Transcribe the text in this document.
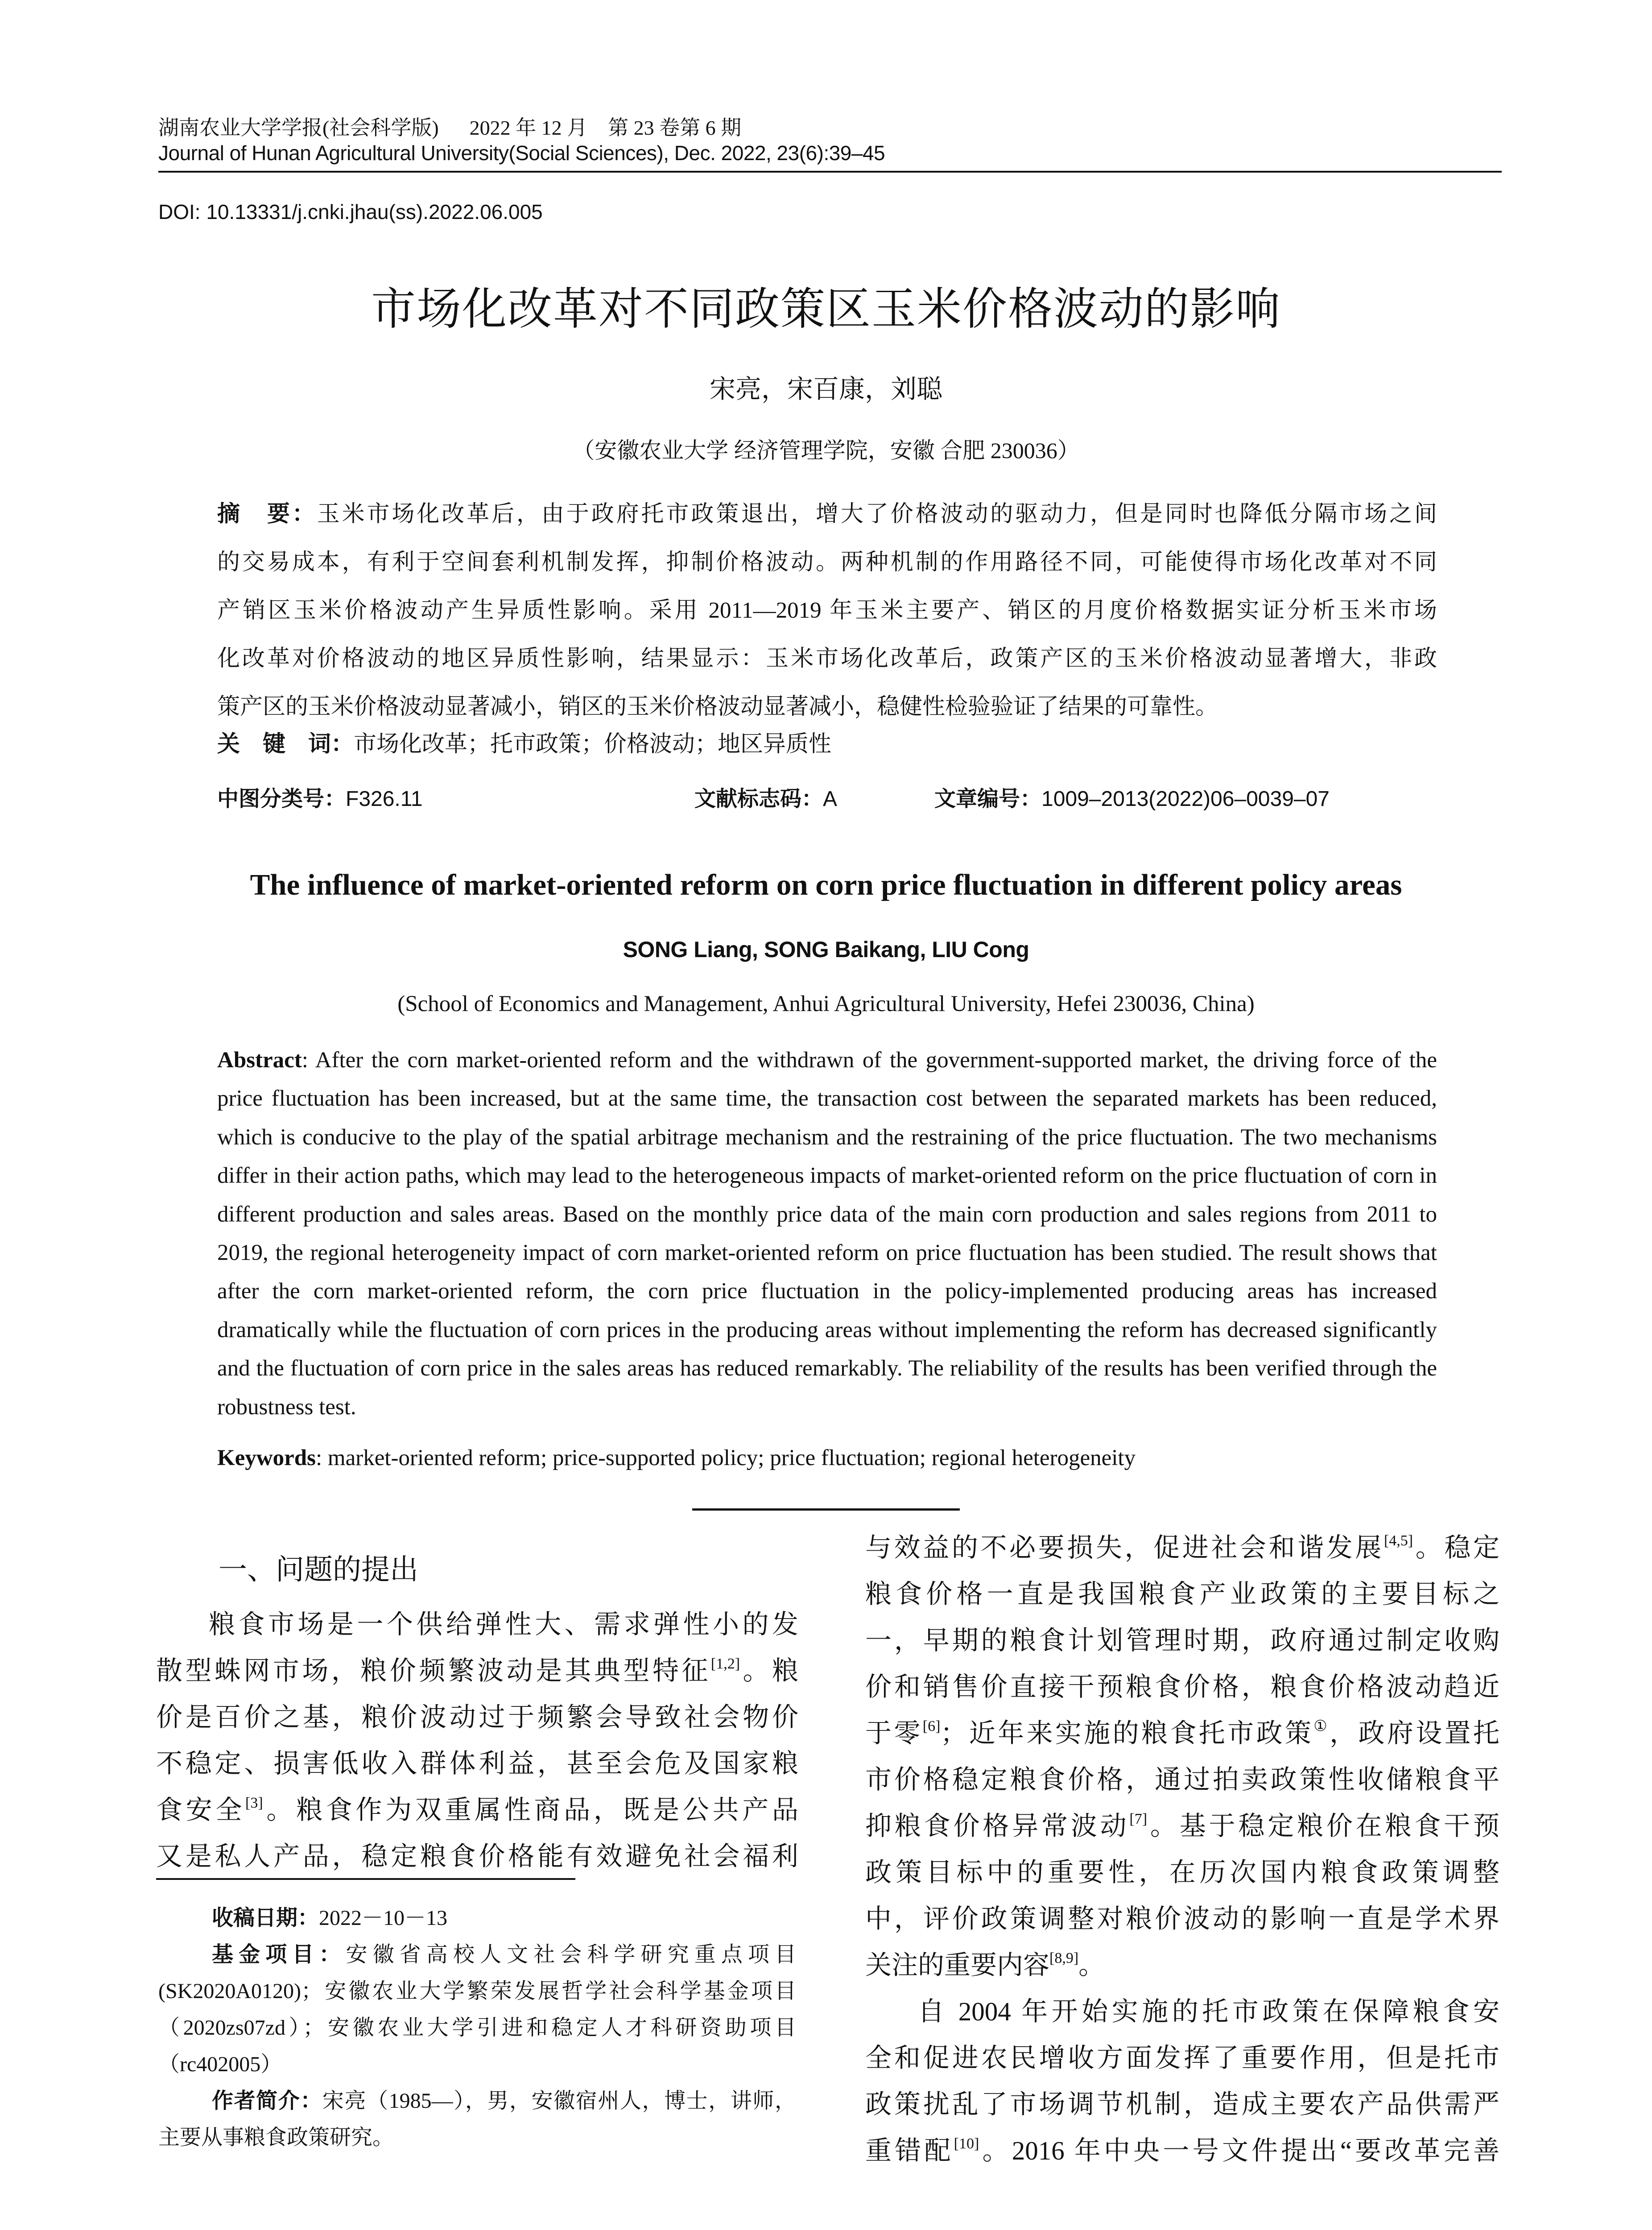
湖南农业大学学报(社会科学版) 2022 年 12 月　第 23 卷第 6 期
Journal of Hunan Agricultural University(Social Sciences), Dec. 2022, 23(6):39–45
DOI: 10.13331/j.cnki.jhau(ss).2022.06.005
市场化改革对不同政策区玉米价格波动的影响
宋亮，宋百康，刘聪
（安徽农业大学 经济管理学院，安徽 合肥 230036）
摘　要：玉米市场化改革后，由于政府托市政策退出，增大了价格波动的驱动力，但是同时也降低分隔市场之间
的交易成本，有利于空间套利机制发挥，抑制价格波动。两种机制的作用路径不同，可能使得市场化改革对不同
产销区玉米价格波动产生异质性影响。采用 2011—2019 年玉米主要产、销区的月度价格数据实证分析玉米市场
化改革对价格波动的地区异质性影响，结果显示：玉米市场化改革后，政策产区的玉米价格波动显著增大，非政
策产区的玉米价格波动显著减小，销区的玉米价格波动显著减小，稳健性检验验证了结果的可靠性。
关　键　词：市场化改革；托市政策；价格波动；地区异质性
中图分类号：F326.11	文献标志码：A	文章编号：1009–2013(2022)06–0039–07
The influence of market-oriented reform on corn price fluctuation in different policy areas
SONG Liang, SONG Baikang, LIU Cong
(School of Economics and Management, Anhui Agricultural University, Hefei 230036, China)
Abstract: After the corn market-oriented reform and the withdrawn of the government-supported market, the driving force of the price fluctuation has been increased, but at the same time, the transaction cost between the separated markets has been reduced, which is conducive to the play of the spatial arbitrage mechanism and the restraining of the price fluctuation. The two mechanisms differ in their action paths, which may lead to the heterogeneous impacts of market-oriented reform on the price fluctuation of corn in different production and sales areas. Based on the monthly price data of the main corn production and sales regions from 2011 to 2019, the regional heterogeneity impact of corn market-oriented reform on price fluctuation has been studied. The result shows that after the corn market-oriented reform, the corn price fluctuation in the policy-implemented producing areas has increased dramatically while the fluctuation of corn prices in the producing areas without implementing the reform has decreased significantly and the fluctuation of corn price in the sales areas has reduced remarkably. The reliability of the results has been verified through the robustness test.
Keywords: market-oriented reform; price-supported policy; price fluctuation; regional heterogeneity
一、问题的提出
粮食市场是一个供给弹性大、需求弹性小的发
散型蛛网市场，粮价频繁波动是其典型特征[1,2]。粮
价是百价之基，粮价波动过于频繁会导致社会物价
不稳定、损害低收入群体利益，甚至会危及国家粮
食安全[3]。粮食作为双重属性商品，既是公共产品
又是私人产品，稳定粮食价格能有效避免社会福利
与效益的不必要损失，促进社会和谐发展[4,5]。稳定
粮食价格一直是我国粮食产业政策的主要目标之
一，早期的粮食计划管理时期，政府通过制定收购
价和销售价直接干预粮食价格，粮食价格波动趋近
于零[6]；近年来实施的粮食托市政策①，政府设置托
市价格稳定粮食价格，通过拍卖政策性收储粮食平
抑粮食价格异常波动[7]。基于稳定粮价在粮食干预
政策目标中的重要性，在历次国内粮食政策调整
中，评价政策调整对粮价波动的影响一直是学术界
关注的重要内容[8,9]。
自 2004 年开始实施的托市政策在保障粮食安
全和促进农民增收方面发挥了重要作用，但是托市
政策扰乱了市场调节机制，造成主要农产品供需严
重错配[10]。2016 年中央一号文件提出“要改革完善

收稿日期：2022－10－13

基金项目：安徽省高校人文社会科学研究重点项目(SK2020A0120)；安徽农业大学繁荣发展哲学社会科学基金项目（2020zs07zd）；安徽农业大学引进和稳定人才科研资助项目（rc402005）

作者简介：宋亮（1985—），男，安徽宿州人，博士，讲师，主要从事粮食政策研究。
